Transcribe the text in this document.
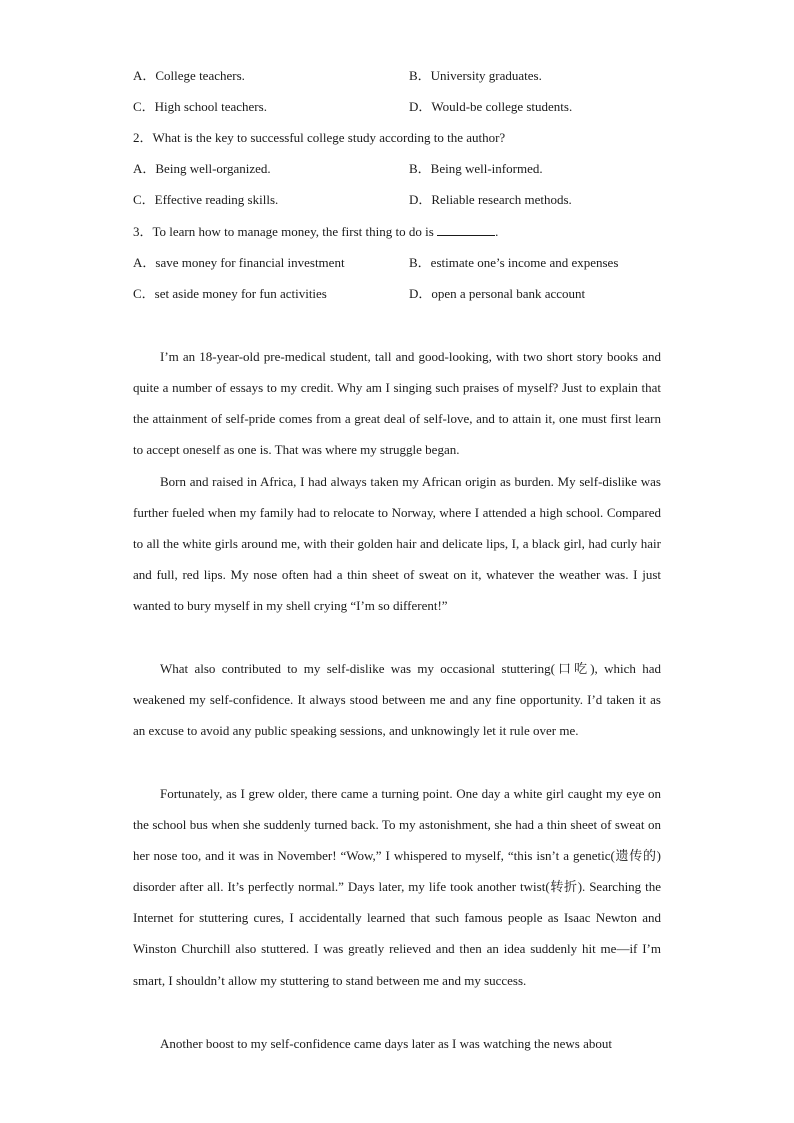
A．College teachers.	B．University graduates.
C．High school teachers.	D．Would-be college students.
2．What is the key to successful college study according to the author?
A．Being well-organized.	B．Being well-informed.
C．Effective reading skills.	D．Reliable research methods.
3．To learn how to manage money, the first thing to do is	.
A．save money for financial investment	B．estimate one’s income and expenses
C．set aside money for fun activities	D．open a personal bank account

I’m an 18-year-old pre-medical student, tall and good-looking, with two short story books and quite a number of essays to my credit. Why am I singing such praises of myself? Just to explain that the attainment of self-pride comes from a great deal of self-love, and to attain it, one must first learn to accept oneself as one is. That was where my struggle began.

Born and raised in Africa, I had always taken my African origin as burden. My self-dislike was further fueled when my family had to relocate to Norway, where I attended a high school. Compared to all the white girls around me, with their golden hair and delicate lips, I, a black girl, had curly hair and full, red lips. My nose often had a thin sheet of sweat on it, whatever the weather was. I just wanted to bury myself in my shell crying “I’m so different!”

What also contributed to my self-dislike was my occasional stuttering(口吃), which had weakened my self-confidence. It always stood between me and any fine opportunity. I’d taken it as an excuse to avoid any public speaking sessions, and unknowingly let it rule over me.

Fortunately, as I grew older, there came a turning point. One day a white girl caught my eye on the school bus when she suddenly turned back. To my astonishment, she had a thin sheet of sweat on her nose too, and it was in November! “Wow,” I whispered to myself, “this isn’t a genetic(遗传的) disorder after all. It’s perfectly normal.” Days later, my life took another twist(转折). Searching the Internet for stuttering cures, I accidentally learned that such famous people as Isaac Newton and Winston Churchill also stuttered. I was greatly relieved and then an idea suddenly hit me—if I’m smart, I shouldn’t allow my stuttering to stand between me and my success.

Another boost to my self-confidence came days later as I was watching the news about
